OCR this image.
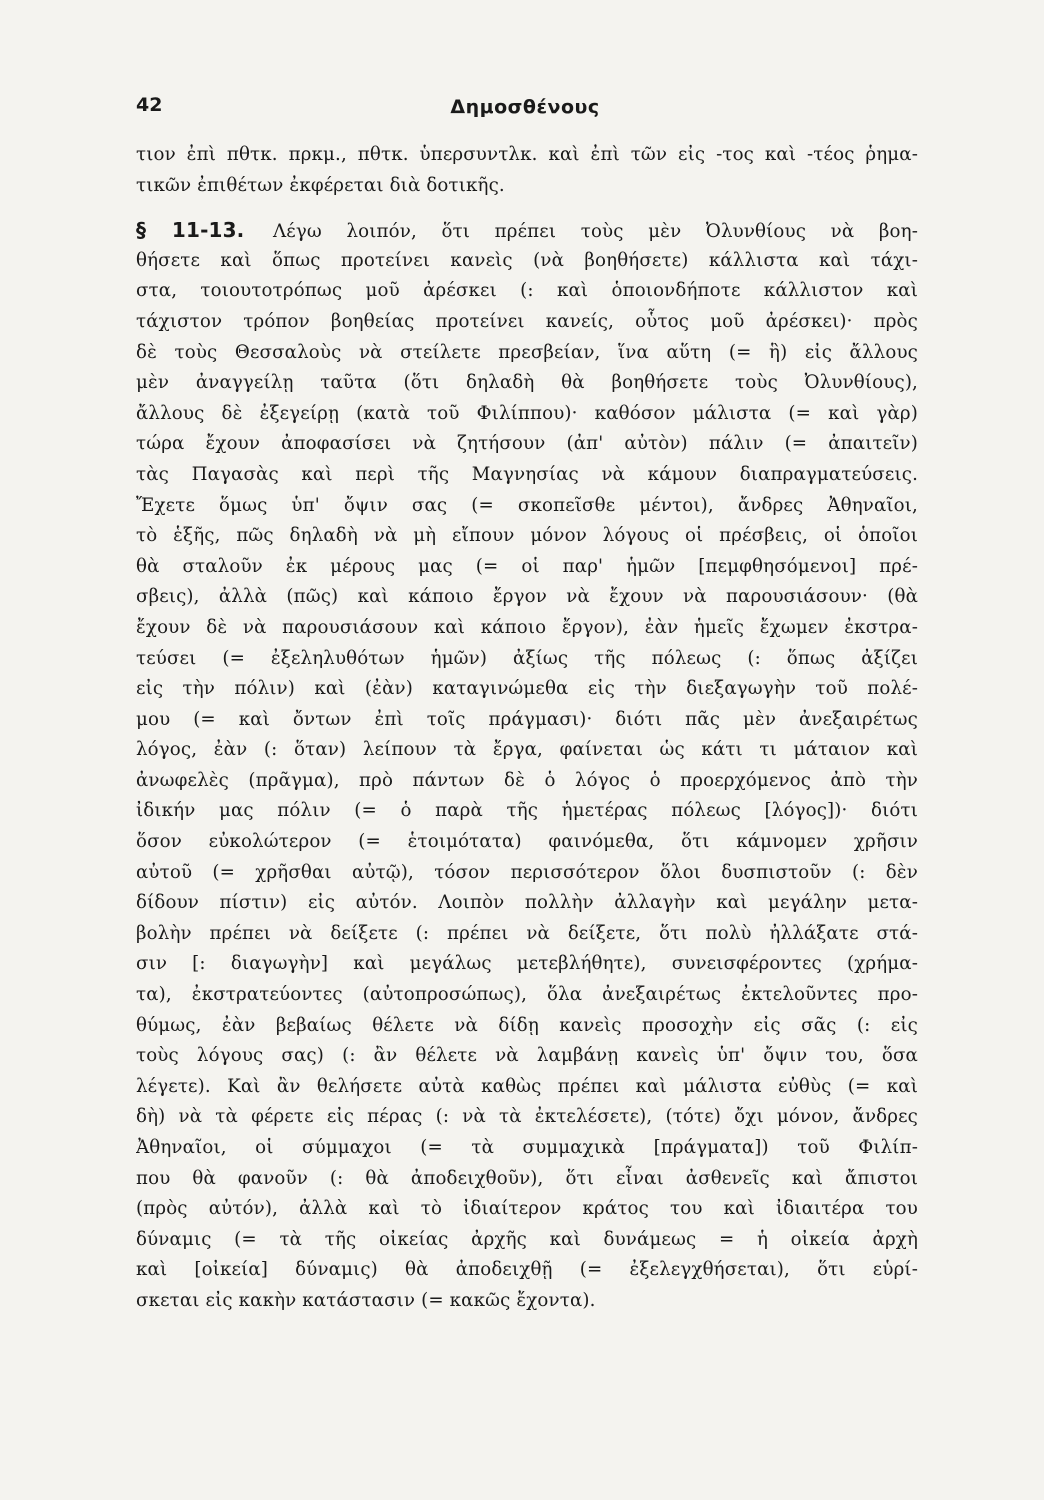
42	Δημοσθένους
τιον ἐπὶ πθτκ. πρκμ., πθτκ. ὑπερσυντλκ. καὶ ἐπὶ τῶν εἰς -τος καὶ -τέος ῥημα-
τικῶν ἐπιθέτων ἐκφέρεται διὰ δοτικῆς.
§ 11-13. Λέγω λοιπόν, ὅτι πρέπει τοὺς μὲν Ὀλυνθίους νὰ βοη-
θήσετε καὶ ὅπως προτείνει κανεὶς (νὰ βοηθήσετε) κάλλιστα καὶ τάχι-
στα, τοιουτοτρόπως μοῦ ἀρέσκει (: καὶ ὁποιονδήποτε κάλλιστον καὶ
τάχιστον τρόπον βοηθείας προτείνει κανείς, οὗτος μοῦ ἀρέσκει)· πρὸς
δὲ τοὺς Θεσσαλοὺς νὰ στείλετε πρεσβείαν, ἵνα αὕτη (= ἣ) εἰς ἄλλους
μὲν ἀναγγείλῃ ταῦτα (ὅτι δηλαδὴ θὰ βοηθήσετε τοὺς Ὀλυνθίους),
ἄλλους δὲ ἐξεγείρῃ (κατὰ τοῦ Φιλίππου)· καθόσον μάλιστα (= καὶ γὰρ)
τώρα ἔχουν ἀποφασίσει νὰ ζητήσουν (ἀπ' αὐτὸν) πάλιν (= ἀπαιτεῖν)
τὰς Παγασὰς καὶ περὶ τῆς Μαγνησίας νὰ κάμουν διαπραγματεύσεις.
Ἔχετε ὅμως ὑπ' ὄψιν σας (= σκοπεῖσθε μέντοι), ἄνδρες Ἀθηναῖοι,
τὸ ἑξῆς, πῶς δηλαδὴ νὰ μὴ εἴπουν μόνον λόγους οἱ πρέσβεις, οἱ ὁποῖοι
θὰ σταλοῦν ἐκ μέρους μας (= οἱ παρ' ἡμῶν [πεμφθησόμενοι] πρέ-
σβεις), ἀλλὰ (πῶς) καὶ κάποιο ἔργον νὰ ἔχουν νὰ παρουσιάσουν· (θὰ
ἔχουν δὲ νὰ παρουσιάσουν καὶ κάποιο ἔργον), ἐὰν ἡμεῖς ἔχωμεν ἐκστρα-
τεύσει (= ἐξεληλυθότων ἡμῶν) ἀξίως τῆς πόλεως (: ὅπως ἀξίζει
εἰς τὴν πόλιν) καὶ (ἐὰν) καταγινώμεθα εἰς τὴν διεξαγωγὴν τοῦ πολέ-
μου (= καὶ ὄντων ἐπὶ τοῖς πράγμασι)· διότι πᾶς μὲν ἀνεξαιρέτως
λόγος, ἐὰν (: ὅταν) λείπουν τὰ ἔργα, φαίνεται ὡς κάτι τι μάταιον καὶ
ἀνωφελὲς (πρᾶγμα), πρὸ πάντων δὲ ὁ λόγος ὁ προερχόμενος ἀπὸ τὴν
ἰδικήν μας πόλιν (= ὁ παρὰ τῆς ἡμετέρας πόλεως [λόγος])· διότι
ὅσον εὐκολώτερον (= ἑτοιμότατα) φαινόμεθα, ὅτι κάμνομεν χρῆσιν
αὐτοῦ (= χρῆσθαι αὐτῷ), τόσον περισσότερον ὅλοι δυσπιστοῦν (: δὲν
δίδουν πίστιν) εἰς αὐτόν. Λοιπὸν πολλὴν ἀλλαγὴν καὶ μεγάλην μετα-
βολὴν πρέπει νὰ δείξετε (: πρέπει νὰ δείξετε, ὅτι πολὺ ἠλλάξατε στά-
σιν [: διαγωγὴν] καὶ μεγάλως μετεβλήθητε), συνεισφέροντες (χρήμα-
τα), ἐκστρατεύοντες (αὐτοπροσώπως), ὅλα ἀνεξαιρέτως ἐκτελοῦντες προ-
θύμως, ἐὰν βεβαίως θέλετε νὰ δίδῃ κανεὶς προσοχὴν εἰς σᾶς (: εἰς
τοὺς λόγους σας) (: ἂν θέλετε νὰ λαμβάνῃ κανεὶς ὑπ' ὄψιν του, ὅσα
λέγετε). Καὶ ἂν θελήσετε αὐτὰ καθὼς πρέπει καὶ μάλιστα εὐθὺς (= καὶ
δὴ) νὰ τὰ φέρετε εἰς πέρας (: νὰ τὰ ἐκτελέσετε), (τότε) ὄχι μόνον, ἄνδρες
Ἀθηναῖοι, οἱ σύμμαχοι (= τὰ συμμαχικὰ [πράγματα]) τοῦ Φιλίπ-
που θὰ φανοῦν (: θὰ ἀποδειχθοῦν), ὅτι εἶναι ἀσθενεῖς καὶ ἄπιστοι
(πρὸς αὐτόν), ἀλλὰ καὶ τὸ ἰδιαίτερον κράτος του καὶ ἰδιαιτέρα του
δύναμις (= τὰ τῆς οἰκείας ἀρχῆς καὶ δυνάμεως = ἡ οἰκεία ἀρχὴ
καὶ [οἰκεία] δύναμις) θὰ ἀποδειχθῇ (= ἐξελεγχθήσεται), ὅτι εὑρί-
σκεται εἰς κακὴν κατάστασιν (= κακῶς ἔχοντα).
